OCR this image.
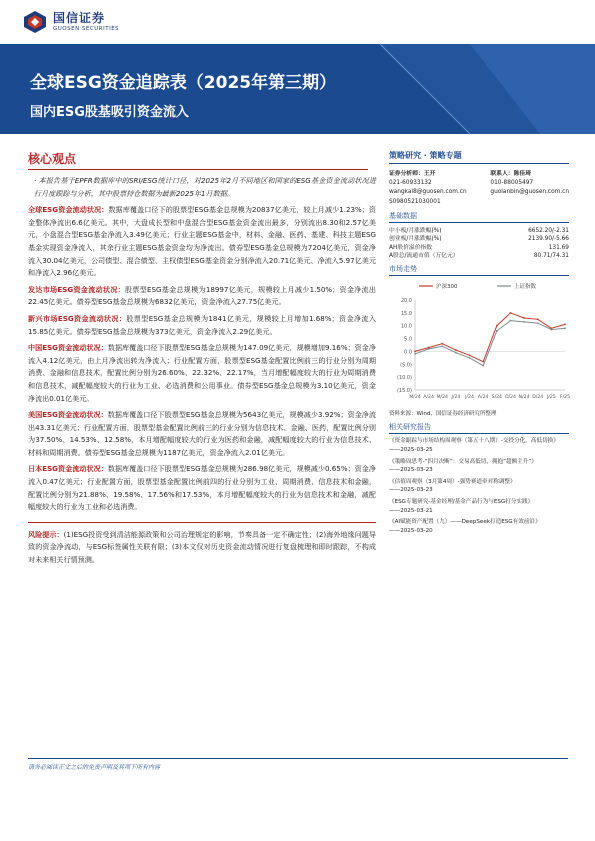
国信证券
GUOSEN SECURITIES
全球ESG资金追踪表（2025年第三期）
国内ESG股基吸引资金流入
核心观点
· 本报告基于EPFR数据库中的SRI/ESG统计口径，对2025年2月不同地区和国家的ESG基金资金流动状况进行月度跟踪与分析，其中股票持仓数据为最新2025年1月数据。
全球ESG资金流动状况：数据库覆盖口径下的股票型ESG基金总规模为20837亿美元，较上月减少1.23%；资金整体净流出6.6亿美元。其中，大盘成长型和中盘混合型ESG基金资金流出最多，分别流出8.30和2.57亿美元，小盘混合型ESG基金净流入3.49亿美元；行业主题ESG基金中，材料、金融、医药、基建、科技主题ESG基金实现资金净流入，其余行业主题ESG基金资金均为净流出。债券型ESG基金总规模为7204亿美元，资金净流入30.04亿美元，公司债型、混合债型、主权债型ESG基金资金分别净流入20.71亿美元、净流入5.97亿美元和净流入2.96亿美元。
发达市场ESG资金流动状况：股票型ESG基金总规模为18997亿美元，规模较上月减少1.50%；资金净流出22.45亿美元。债券型ESG基金总规模为6832亿美元，资金净流入27.75亿美元。
新兴市场ESG资金流动状况：股票型ESG基金总规模为1841亿美元，规模较上月增加1.68%；资金净流入15.85亿美元。债券型ESG基金总规模为373亿美元，资金净流入2.29亿美元。
中国ESG资金流动状况：数据库覆盖口径下股票型ESG基金总规模为147.09亿美元，规模增加9.16%；资金净流入4.12亿美元，由上月净流出转为净流入；行业配置方面，股票型ESG基金配置比例前三的行业分别为周期消费、金融和信息技术，配置比例分别为26.60%、22.32%、22.17%，当月增配幅度较大的行业为周期消费和信息技术，减配幅度较大的行业为工业、必选消费和公用事业。债券型ESG基金总规模为3.10亿美元，资金净流出0.01亿美元。
美国ESG资金流动状况：数据库覆盖口径下股票型ESG基金总规模为5643亿美元，规模减少3.92%；资金净流出43.31亿美元；行业配置方面，股票型基金配置比例前三的行业分别为信息技术、金融、医药，配置比例分别为37.50%、14.53%、12.58%，本月增配幅度较大的行业为医药和金融，减配幅度较大的行业为信息技术、材料和周期消费。债券型ESG基金总规模为1187亿美元，资金净流入2.01亿美元。
日本ESG资金流动状况：数据库覆盖口径下股票型ESG基金总规模为286.98亿美元，规模减少0.65%；资金净流入0.47亿美元；行业配置方面，股票型基金配置比例前四的行业分别为工业、周期消费、信息技术和金融，配置比例分别为21.88%、19.58%、17.56%和17.53%，本月增配幅度较大的行业为信息技术和金融，减配幅度较大的行业为工业和必选消费。
风险提示：(1)ESG投资受到清洁能源政策和公司治理规定的影响，节奏具备一定不确定性；(2)海外地缘问题导致的资金净流动，与ESG标签属性关联有限；(3)本文仅对历史资金流动情况进行复盘梳理和即时跟踪，不构成对未来相关行情预测。
策略研究 · 策略专题
证券分析师：王开
021-60933132
wangkai8@guosen.com.cn
S0980521030001
联系人：陈佳琦
010-88005497
guolanbin@guosen.com.cn
基础数据
中小板/月涨跌幅(%)	6652.20/-2.31
创业板/月涨跌幅(%)	2139.90/-5.66
AH股价溢价指数	131.69
A股总/流通市值（万亿元）	80.71/74.31
市场走势
沪深300	上证指数
20.0
15.0
10.0
5.0
0.0
(5.0)
(10.0)
(15.0)
M/24 A/24 M/24 J/24 J/24 A/24 S/24 O/24 N/24 D/24 J/25 F/25
资料来源：Wind、国信证券经济研究所整理
相关研究报告
《资金跟踪与市场结构周观察（第五十八期）-交投分化，高低切换》
——2025-03-25
《策略周思考-“四月决断”：交易高低切，拥抱“超额主升”》
——2025-03-23
《估值周观察（3月第4周）-强势赛道牵对称调整》
——2025-03-23
《ESG专题研究-基金经理/基金产品行为与ESG打分实践》
——2025-03-21
《AI赋能资产配置（九）——DeepSeek打造ESG有效前沿》
——2025-03-20
请务必阅读正文之后的免责声明及其项下所有内容
